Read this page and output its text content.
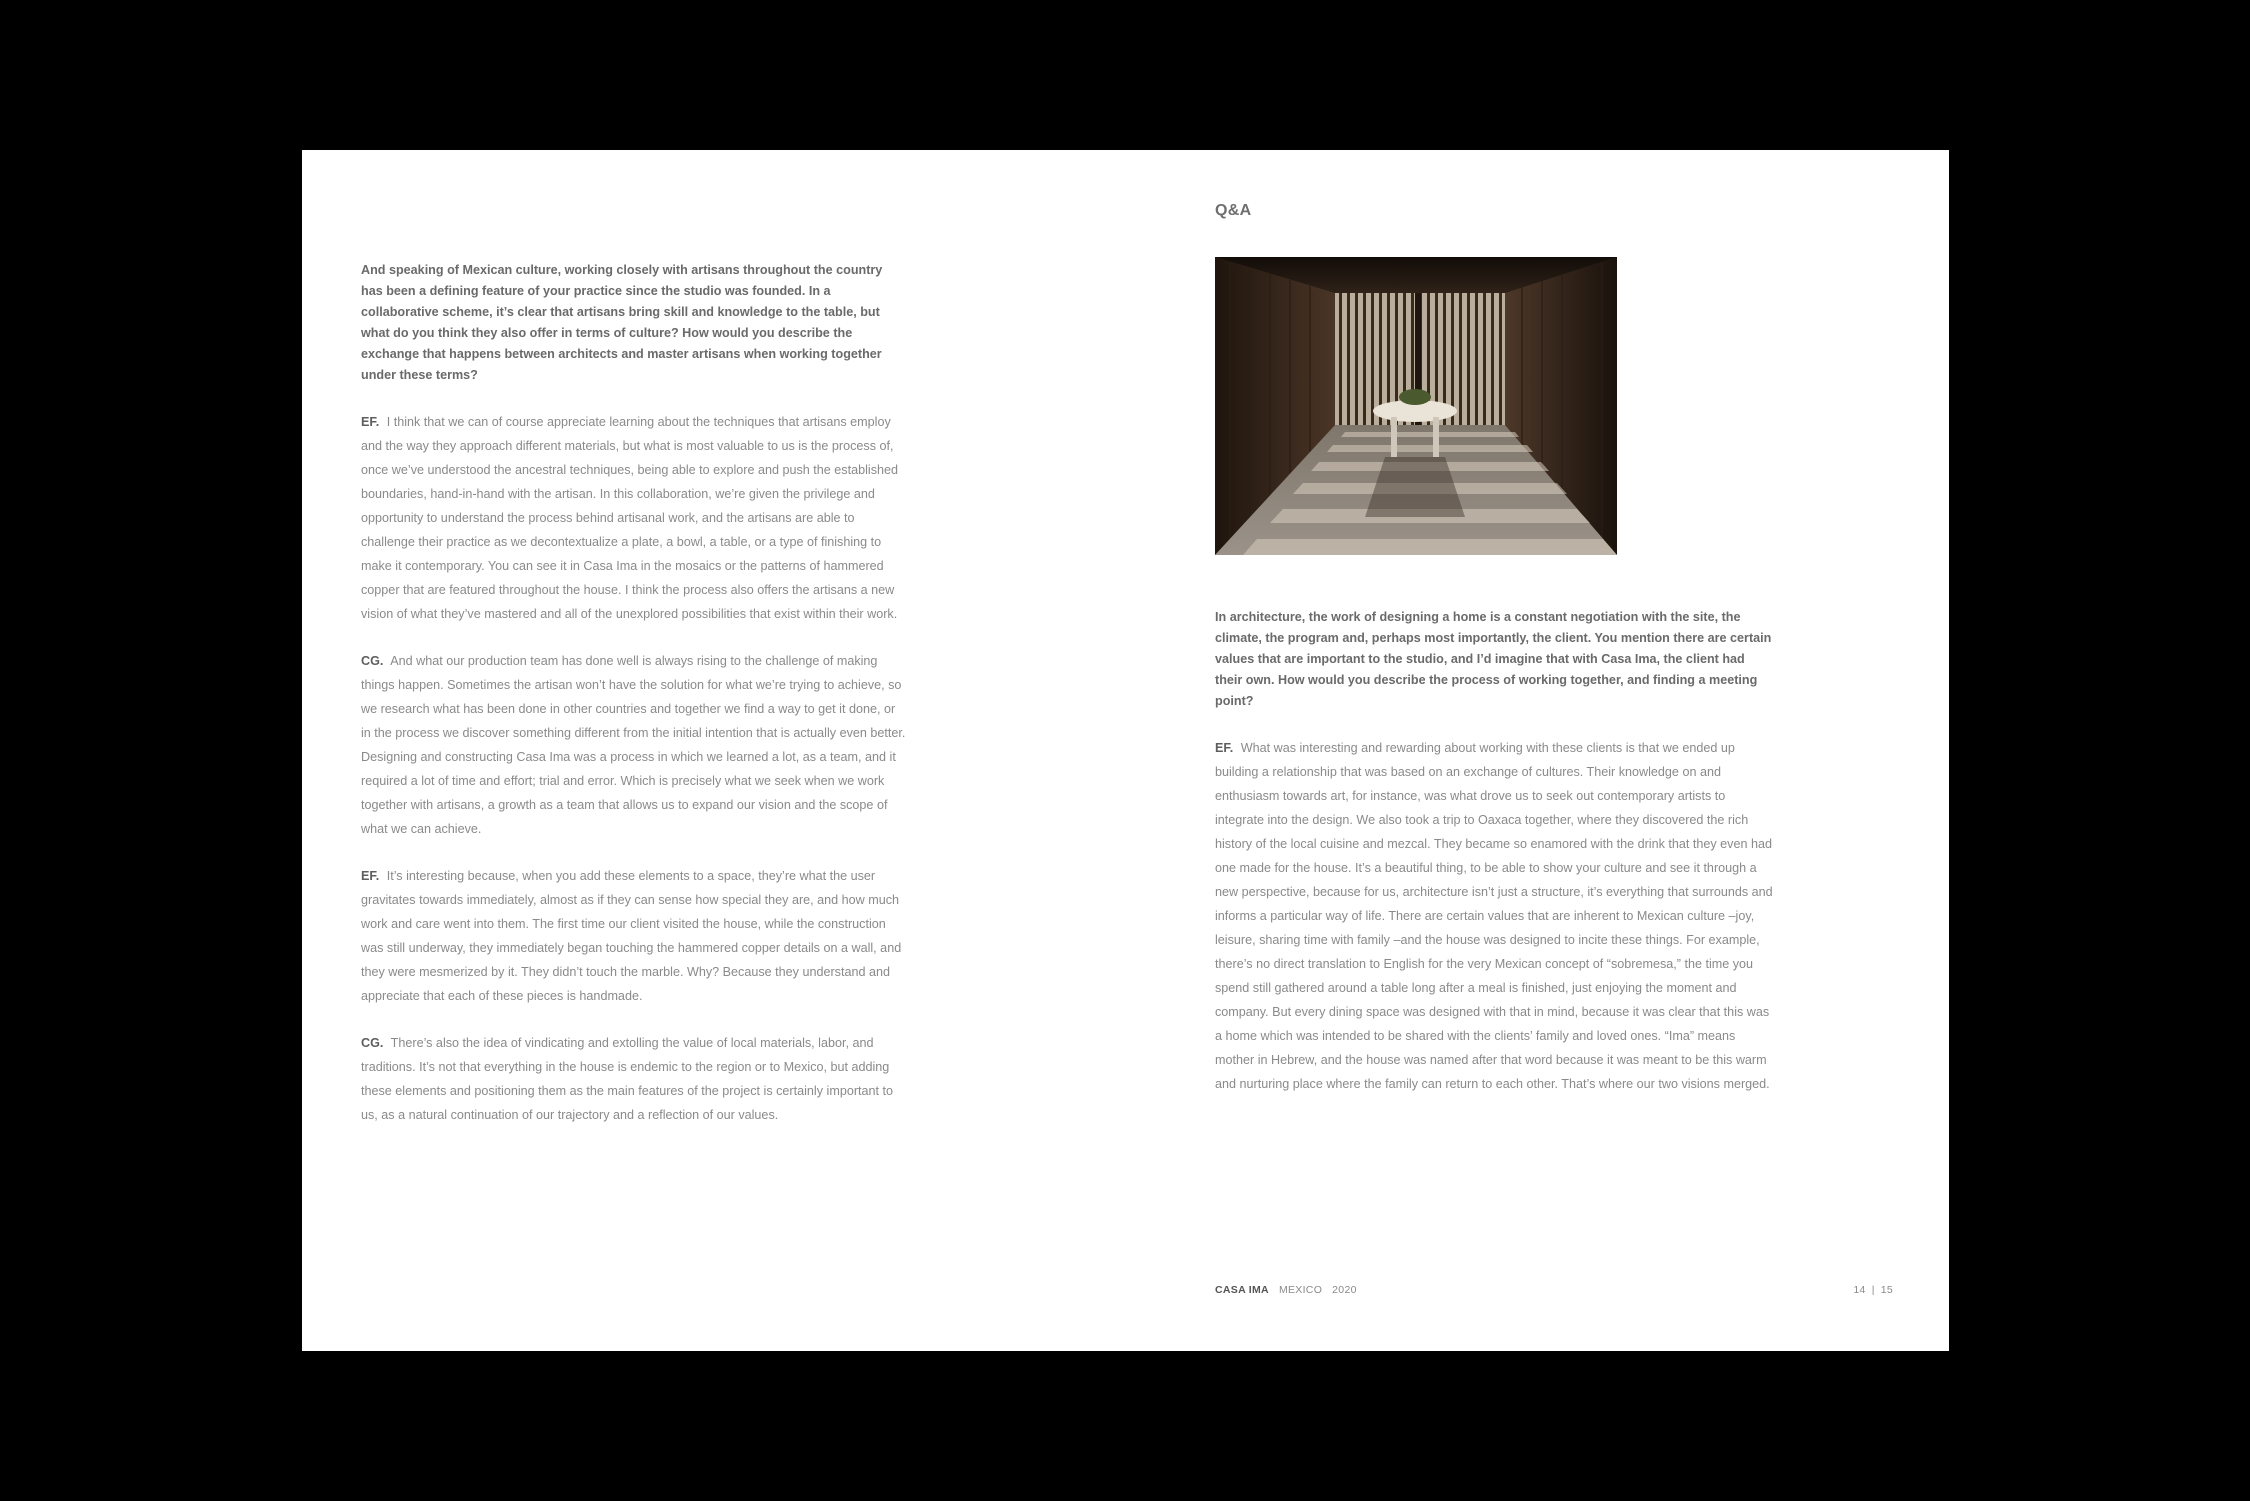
And speaking of Mexican culture, working closely with artisans throughout the country has been a defining feature of your practice since the studio was founded. In a collaborative scheme, it’s clear that artisans bring skill and knowledge to the table, but what do you think they also offer in terms of culture? How would you describe the exchange that happens between architects and master artisans when working together under these terms?

EF. I think that we can of course appreciate learning about the techniques that artisans employ and the way they approach different materials, but what is most valuable to us is the process of, once we’ve understood the ancestral techniques, being able to explore and push the established boundaries, hand-in-hand with the artisan. In this collaboration, we’re given the privilege and opportunity to understand the process behind artisanal work, and the artisans are able to challenge their practice as we decontextualize a plate, a bowl, a table, or a type of finishing to make it contemporary. You can see it in Casa Ima in the mosaics or the patterns of hammered copper that are featured throughout the house. I think the process also offers the artisans a new vision of what they’ve mastered and all of the unexplored possibilities that exist within their work.

CG. And what our production team has done well is always rising to the challenge of making things happen. Sometimes the artisan won’t have the solution for what we’re trying to achieve, so we research what has been done in other countries and together we find a way to get it done, or in the process we discover something different from the initial intention that is actually even better. Designing and constructing Casa Ima was a process in which we learned a lot, as a team, and it required a lot of time and effort; trial and error. Which is precisely what we seek when we work together with artisans, a growth as a team that allows us to expand our vision and the scope of what we can achieve.

EF. It’s interesting because, when you add these elements to a space, they’re what the user gravitates towards immediately, almost as if they can sense how special they are, and how much work and care went into them. The first time our client visited the house, while the construction was still underway, they immediately began touching the hammered copper details on a wall, and they were mesmerized by it. They didn’t touch the marble. Why? Because they understand and appreciate that each of these pieces is handmade.

CG. There’s also the idea of vindicating and extolling the value of local materials, labor, and traditions. It’s not that everything in the house is endemic to the region or to Mexico, but adding these elements and positioning them as the main features of the project is certainly important to us, as a natural continuation of our trajectory and a reflection of our values.

Q&A

In architecture, the work of designing a home is a constant negotiation with the site, the climate, the program and, perhaps most importantly, the client. You mention there are certain values that are important to the studio, and I’d imagine that with Casa Ima, the client had their own. How would you describe the process of working together, and finding a meeting point?

EF. What was interesting and rewarding about working with these clients is that we ended up building a relationship that was based on an exchange of cultures. Their knowledge on and enthusiasm towards art, for instance, was what drove us to seek out contemporary artists to integrate into the design. We also took a trip to Oaxaca together, where they discovered the rich history of the local cuisine and mezcal. They became so enamored with the drink that they even had one made for the house. It’s a beautiful thing, to be able to show your culture and see it through a new perspective, because for us, architecture isn’t just a structure, it’s everything that surrounds and informs a particular way of life. There are certain values that are inherent to Mexican culture –joy, leisure, sharing time with family –and the house was designed to incite these things. For example, there’s no direct translation to English for the very Mexican concept of “sobremesa,” the time you spend still gathered around a table long after a meal is finished, just enjoying the moment and company. But every dining space was designed with that in mind, because it was clear that this was a home which was intended to be shared with the clients’ family and loved ones. “Ima” means mother in Hebrew, and the house was named after that word because it was meant to be this warm and nurturing place where the family can return to each other. That’s where our two visions merged.

CASA IMA MEXICO 2020	14 | 15
